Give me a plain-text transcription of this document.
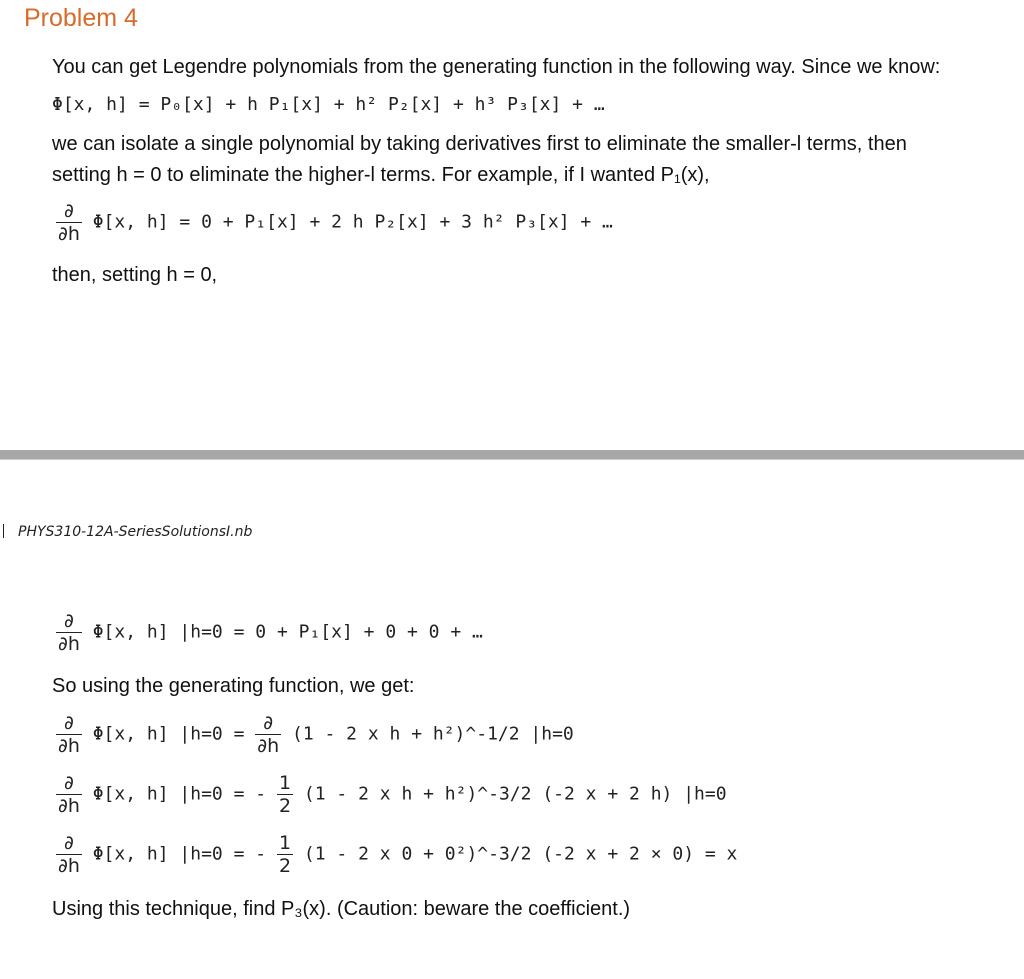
Problem 4
You can get Legendre polynomials from the generating function in the following way. Since we know:
Φ[x, h] = P₀[x] + h P₁[x] + h² P₂[x] + h³ P₃[x] + …
we can isolate a single polynomial by taking derivatives first to eliminate the smaller-l terms, then
setting h = 0 to eliminate the higher-l terms. For example, if I wanted P₁(x),
$\frac{\partial}{\partial h} \Phi[x$, h] = 0 + P₁[x] + 2 h P₂[x] + 3 h² P₃[x] + …
then, setting h = 0,
PHYS310-12A-SeriesSolutionsI.nb
$\frac{\partial}{\partial h} \Phi[x$, h] |h=0 = 0 + P₁[x] + 0 + 0 + …
So using the generating function, we get:
$\frac{\partial}{\partial h} \Phi[x$, h] $|h=0 = \frac{\partial}{\partial h} (1 - 2$ x h + h²)^-1/2 |h=0
$\frac{\partial}{\partial h} \Phi[x$, h] |h=0 = - $\frac{1}{2} (1 - 2$ x h + h²)^-3/2 (-2 x + 2 h) |h=0
$\frac{\partial}{\partial h} \Phi[x$, h] |h=0 = - $\frac{1}{2} (1 - 2$ x 0 + 0²)^-3/2 (-2 x + 2 × 0) = x
Using this technique, find P₃(x). (Caution: beware the coefficient.)
